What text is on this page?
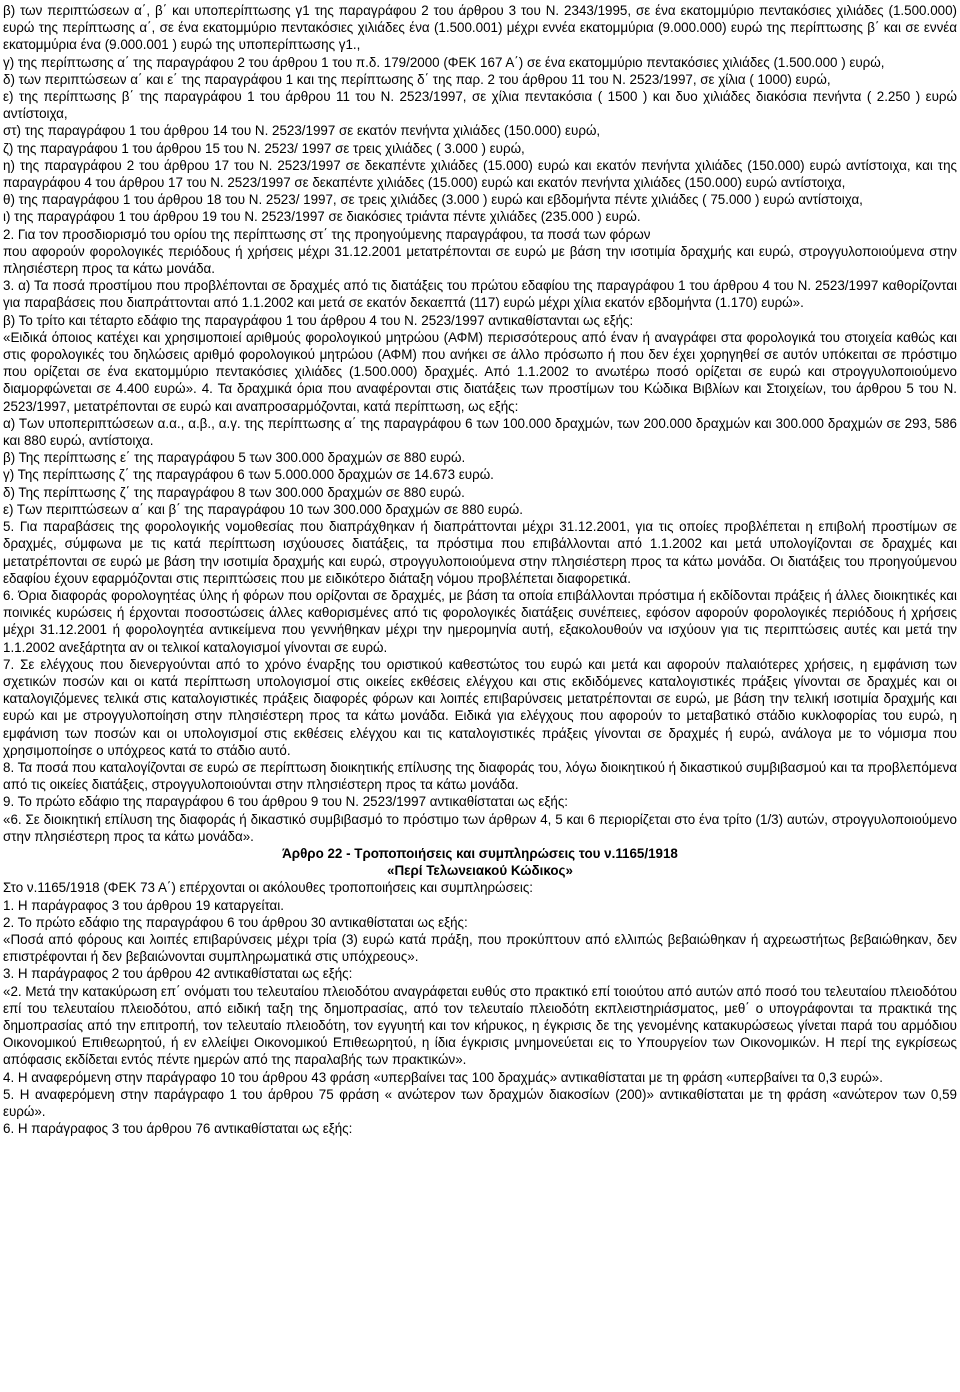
β) των περιπτώσεων α΄, β΄ και υποπερίπτωσης γ1 της παραγράφου 2 του άρθρου 3 του Ν. 2343/1995, σε ένα εκατομμύριο πεντακόσιες χιλιάδες (1.500.000) ευρώ της περίπτωσης α΄, σε ένα εκατομμύριο πεντακόσιες χιλιάδες ένα (1.500.001) μέχρι εννέα εκατομμύρια (9.000.000) ευρώ της περίπτωσης β΄ και σε εννέα εκατομμύρια ένα (9.000.001 ) ευρώ της υποπερίπτωσης γ1.,

γ) της περίπτωσης α΄ της παραγράφου 2 του άρθρου 1 του π.δ. 179/2000 (ΦΕΚ 167 Α΄) σε ένα εκατομμύριο πεντακόσιες χιλιάδες (1.500.000 ) ευρώ,

δ) των περιπτώσεων α΄ και ε΄ της παραγράφου 1 και της περίπτωσης δ΄ της παρ. 2 του άρθρου 11 του Ν. 2523/1997, σε χίλια ( 1000) ευρώ,

ε) της περίπτωσης β΄ της παραγράφου 1 του άρθρου 11 του Ν. 2523/1997, σε χίλια πεντακόσια ( 1500 ) και δυο χιλιάδες διακόσια πενήντα ( 2.250 ) ευρώ αντίστοιχα,

στ) της παραγράφου 1 του άρθρου 14 του Ν. 2523/1997 σε εκατόν πενήντα χιλιάδες (150.000) ευρώ,

ζ) της παραγράφου 1 του άρθρου 15 του Ν. 2523/ 1997 σε τρεις χιλιάδες ( 3.000 ) ευρώ,

η) της παραγράφου 2 του άρθρου 17 του Ν. 2523/1997 σε δεκαπέντε χιλιάδες (15.000) ευρώ και εκατόν πενήντα χιλιάδες (150.000) ευρώ αντίστοιχα, και της παραγράφου 4 του άρθρου 17 του Ν. 2523/1997 σε δεκαπέντε χιλιάδες (15.000) ευρώ και εκατόν πενήντα χιλιάδες (150.000) ευρώ αντίστοιχα,

θ) της παραγράφου 1 του άρθρου 18 του Ν. 2523/ 1997, σε τρεις χιλιάδες (3.000 ) ευρώ και εβδομήντα πέντε χιλιάδες ( 75.000 ) ευρώ αντίστοιχα,

ι) της παραγράφου 1 του άρθρου 19 του Ν. 2523/1997 σε διακόσιες τριάντα πέντε χιλιάδες (235.000 ) ευρώ.

2. Για τον προσδιορισμό του ορίου της περίπτωσης στ΄ της προηγούμενης παραγράφου, τα ποσά των φόρων

που αφορούν φορολογικές περιόδους ή χρήσεις μέχρι 31.12.2001 μετατρέπονται σε ευρώ με βάση την ισοτιμία δραχμής και ευρώ, στρογγυλοποιούμενα στην πλησιέστερη προς τα κάτω μονάδα.

3. α) Τα ποσά προστίμου που προβλέπονται σε δραχμές από τις διατάξεις του πρώτου εδαφίου της παραγράφου 1 του άρθρου 4 του Ν. 2523/1997 καθορίζονται για παραβάσεις που διαπράττονται από 1.1.2002 και μετά σε εκατόν δεκαεπτά (117) ευρώ μέχρι χίλια εκατόν εβδομήντα (1.170) ευρώ».

β) Το τρίτο και τέταρτο εδάφιο της παραγράφου 1 του άρθρου 4 του Ν. 2523/1997 αντικαθίστανται ως εξής:

«Ειδικά όποιος κατέχει και χρησιμοποιεί αριθμούς φορολογικού μητρώου (ΑΦΜ) περισσότερους από έναν ή αναγράφει στα φορολογικά του στοιχεία καθώς και στις φορολογικές του δηλώσεις αριθμό φορολογικού μητρώου (ΑΦΜ) που ανήκει σε άλλο πρόσωπο ή που δεν έχει χορηγηθεί σε αυτόν υπόκειται σε πρόστιμο που ορίζεται σε ένα εκατομμύριο πεντακόσιες χιλιάδες (1.500.000) δραχμές. Από 1.1.2002 το ανωτέρω ποσό ορίζεται σε ευρώ και στρογγυλοποιούμενο διαμορφώνεται σε 4.400 ευρώ». 4. Τα δραχμικά όρια που αναφέρονται στις διατάξεις των προστίμων του Κώδικα Βιβλίων και Στοιχείων, του άρθρου 5 του Ν. 2523/1997, μετατρέπονται σε ευρώ και αναπροσαρμόζονται, κατά περίπτωση, ως εξής:

α) Των υποπεριπτώσεων α.α., α.β., α.γ. της περίπτωσης α΄ της παραγράφου 6 των 100.000 δραχμών, των 200.000 δραχμών και 300.000 δραχμών σε 293, 586 και 880 ευρώ, αντίστοιχα.

β) Της περίπτωσης ε΄ της παραγράφου 5 των 300.000 δραχμών σε 880 ευρώ.

γ) Της περίπτωσης ζ΄ της παραγράφου 6 των 5.000.000 δραχμών σε 14.673 ευρώ.

δ) Της περίπτωσης ζ΄ της παραγράφου 8 των 300.000 δραχμών σε 880 ευρώ.

ε) Των περιπτώσεων α΄ και β΄ της παραγράφου 10 των 300.000 δραχμών σε 880 ευρώ.

5. Για παραβάσεις της φορολογικής νομοθεσίας που διαπράχθηκαν ή διαπράττονται μέχρι 31.12.2001, για τις οποίες προβλέπεται η επιβολή προστίμων σε δραχμές, σύμφωνα με τις κατά περίπτωση ισχύουσες διατάξεις, τα πρόστιμα που επιβάλλονται από 1.1.2002 και μετά υπολογίζονται σε δραχμές και μετατρέπονται σε ευρώ με βάση την ισοτιμία δραχμής και ευρώ, στρογγυλοποιούμενα στην πλησιέστερη προς τα κάτω μονάδα. Οι διατάξεις του προηγούμενου εδαφίου έχουν εφαρμόζονται στις περιπτώσεις που με ειδικότερο διάταξη νόμου προβλέπεται διαφορετικά.

6. Όρια διαφοράς φορολογητέας ύλης ή φόρων που ορίζονται σε δραχμές, με βάση τα οποία επιβάλλονται πρόστιμα ή εκδίδονται πράξεις ή άλλες διοικητικές και ποινικές κυρώσεις ή έρχονται ποσοστώσεις άλλες καθορισμένες από τις φορολογικές διατάξεις συνέπειες, εφόσον αφορούν φορολογικές περιόδους ή χρήσεις μέχρι 31.12.2001 ή φορολογητέα αντικείμενα που γεννήθηκαν μέχρι την ημερομηνία αυτή, εξακολουθούν να ισχύουν για τις περιπτώσεις αυτές και μετά την 1.1.2002 ανεξάρτητα αν οι τελικοί καταλογισμοί γίνονται σε ευρώ.

7. Σε ελέγχους που διενεργούνται από το χρόνο έναρξης του οριστικού καθεστώτος του ευρώ και μετά και αφορούν παλαιότερες χρήσεις, η εμφάνιση των σχετικών ποσών και οι κατά περίπτωση υπολογισμοί στις οικείες εκθέσεις ελέγχου και στις εκδιδόμενες καταλογιστικές πράξεις γίνονται σε δραχμές και οι καταλογιζόμενες τελικά στις καταλογιστικές πράξεις διαφορές φόρων και λοιπές επιβαρύνσεις μετατρέπονται σε ευρώ, με βάση την τελική ισοτιμία δραχμής και ευρώ και με στρογγυλοποίηση στην πλησιέστερη προς τα κάτω μονάδα. Ειδικά για ελέγχους που αφορούν το μεταβατικό στάδιο κυκλοφορίας του ευρώ, η εμφάνιση των ποσών και οι υπολογισμοί στις εκθέσεις ελέγχου και τις καταλογιστικές πράξεις γίνονται σε δραχμές ή ευρώ, ανάλογα με το νόμισμα που χρησιμοποίησε ο υπόχρεος κατά το στάδιο αυτό.

8. Τα ποσά που καταλογίζονται σε ευρώ σε περίπτωση διοικητικής επίλυσης της διαφοράς του, λόγω διοικητικού ή δικαστικού συμβιβασμού και τα προβλεπόμενα από τις οικείες διατάξεις, στρογγυλοποιούνται στην πλησιέστερη προς τα κάτω μονάδα.

9. Το πρώτο εδάφιο της παραγράφου 6 του άρθρου 9 του Ν. 2523/1997 αντικαθίσταται ως εξής:

«6. Σε διοικητική επίλυση της διαφοράς ή δικαστικό συμβιβασμό το πρόστιμο των άρθρων 4, 5 και 6 περιορίζεται στο ένα τρίτο (1/3) αυτών, στρογγυλοποιούμενο στην πλησιέστερη προς τα κάτω μονάδα».

Άρθρο 22 - Τροποποιήσεις και συμπληρώσεις του ν.1165/1918

«Περί Τελωνειακού Κώδικος»

Στο ν.1165/1918 (ΦΕΚ 73 Α΄) επέρχονται οι ακόλουθες τροποποιήσεις και συμπληρώσεις:

1. Η παράγραφος 3 του άρθρου 19 καταργείται.

2. Το πρώτο εδάφιο της παραγράφου 6 του άρθρου 30 αντικαθίσταται ως εξής:

«Ποσά από φόρους και λοιπές επιβαρύνσεις μέχρι τρία (3) ευρώ κατά πράξη, που προκύπτουν από ελλιπώς βεβαιώθηκαν ή αχρεωστήτως βεβαιώθηκαν, δεν επιστρέφονται ή δεν βεβαιώνονται συμπληρωματικά στις υπόχρεους».

3. Η παράγραφος 2 του άρθρου 42 αντικαθίσταται ως εξής:

«2. Μετά την κατακύρωση επ΄ ονόματι του τελευταίου πλειοδότου αναγράφεται ευθύς στο πρακτικό επί τοιούτου από αυτών από ποσό του τελευταίου πλειοδότου επί του τελευταίου πλειοδότου, από ειδική ταξη της δημοπρασίας, από τον τελευταίο πλειοδότη εκπλειστηριάσματος, μεθ΄ ο υπογράφονται τα πρακτικά της δημοπρασίας από την επιτροπή, τον τελευταίο πλειοδότη, τον εγγυητή και τον κήρυκος, η έγκρισις δε της γενομένης κατακυρώσεως γίνεται παρά του αρμόδιου Οικονομικού Επιθεωρητού, ή εν ελλείψει Οικονομικού Επιθεωρητού, η ίδια έγκρισις μνημονεύεται εις το Υπουργείον των Οικονομικών. Η περί της εγκρίσεως απόφασις εκδίδεται εντός πέντε ημερών από της παραλαβής των πρακτικών».

4. Η αναφερόμενη στην παράγραφο 10 του άρθρου 43 φράση «υπερβαίνει τας 100 δραχμάς» αντικαθίσταται με τη φράση «υπερβαίνει τα 0,3 ευρώ».

5. Η αναφερόμενη στην παράγραφο 1 του άρθρου 75 φράση « ανώτερον των δραχμών διακοσίων (200)» αντικαθίσταται με τη φράση «ανώτερον των 0,59 ευρώ».

6. Η παράγραφος 3 του άρθρου 76 αντικαθίσταται ως εξής:
